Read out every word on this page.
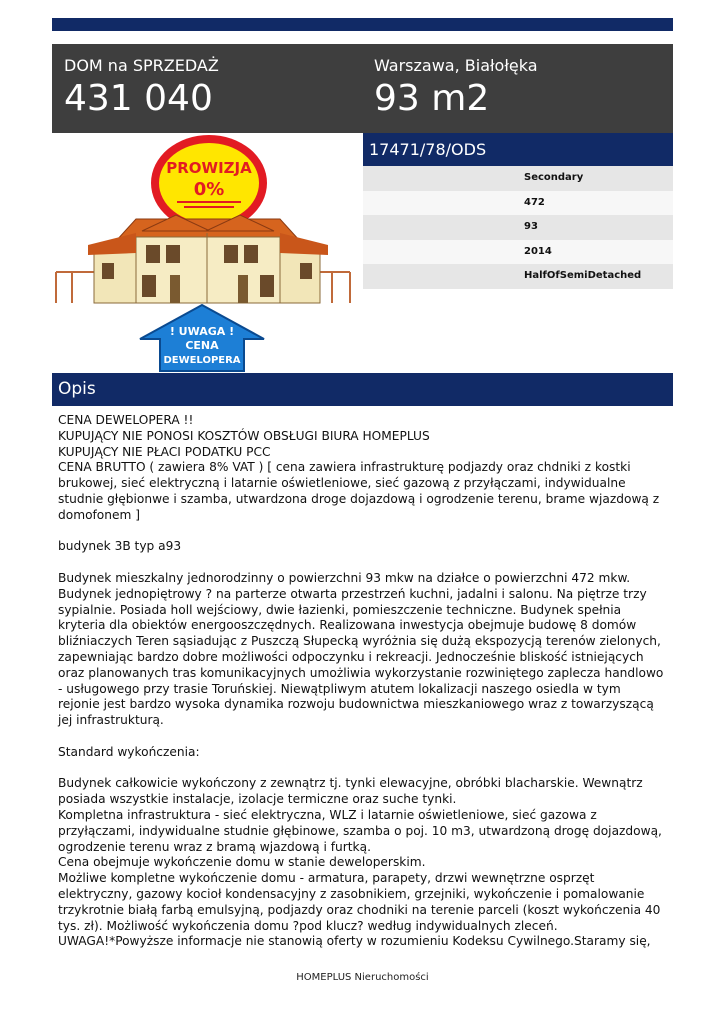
DOM na SPRZEDAŻ
431 040
Warszawa, Białołęka
93 m2
PROWIZJA
0%
! UWAGA !
CENA
DEWELOPERA
17471/78/ODS
Secondary
472
93
2014
HalfOfSemiDetached
Opis
CENA DEWELOPERA !!
KUPUJĄCY NIE PONOSI KOSZTÓW OBSŁUGI BIURA HOMEPLUS
KUPUJĄCY NIE PŁACI PODATKU PCC
CENA BRUTTO ( zawiera 8% VAT ) [ cena zawiera infrastrukturę podjazdy oraz chdniki z kostki
brukowej, sieć elektryczną i latarnie oświetleniowe, sieć gazową z przyłączami, indywidualne
studnie głębionwe i szamba, utwardzona droge dojazdową i ogrodzenie terenu, brame wjazdową z
domofonem ]

budynek 3B typ a93

Budynek mieszkalny jednorodzinny o powierzchni 93 mkw na działce o powierzchni 472 mkw.
Budynek jednopiętrowy ? na parterze otwarta przestrzeń kuchni, jadalni i salonu. Na piętrze trzy
sypialnie. Posiada holl wejściowy, dwie łazienki, pomieszczenie techniczne. Budynek spełnia
kryteria dla obiektów energooszczędnych. Realizowana inwestycja obejmuje budowę 8 domów
bliźniaczych Teren sąsiadując z Puszczą Słupecką wyróżnia się dużą ekspozycją terenów zielonych,
zapewniając bardzo dobre możliwości odpoczynku i rekreacji. Jednocześnie bliskość istniejących
oraz planowanych tras komunikacyjnych umożliwia wykorzystanie rozwiniętego zaplecza handlowo
- usługowego przy trasie Toruńskiej. Niewątpliwym atutem lokalizacji naszego osiedla w tym
rejonie jest bardzo wysoka dynamika rozwoju budownictwa mieszkaniowego wraz z towarzyszącą
jej infrastrukturą.

Standard wykończenia:

Budynek całkowicie wykończony z zewnątrz tj. tynki elewacyjne, obróbki blacharskie. Wewnątrz
posiada wszystkie instalacje, izolacje termiczne oraz suche tynki.
Kompletna infrastruktura - sieć elektryczna, WLZ i latarnie oświetleniowe, sieć gazowa z
przyłączami, indywidualne studnie głębinowe, szamba o poj. 10 m3, utwardzoną drogę dojazdową,
ogrodzenie terenu wraz z bramą wjazdową i furtką.
Cena obejmuje wykończenie domu w stanie deweloperskim.
Możliwe kompletne wykończenie domu - armatura, parapety, drzwi wewnętrzne osprzęt
elektryczny, gazowy kocioł kondensacyjny z zasobnikiem, grzejniki, wykończenie i pomalowanie
trzykrotnie białą farbą emulsyjną, podjazdy oraz chodniki na terenie parceli (koszt wykończenia 40
tys. zł). Możliwość wykończenia domu ?pod klucz? według indywidualnych zleceń.
UWAGA!*Powyższe informacje nie stanowią oferty w rozumieniu Kodeksu Cywilnego.Staramy się,
HOMEPLUS Nieruchomości
